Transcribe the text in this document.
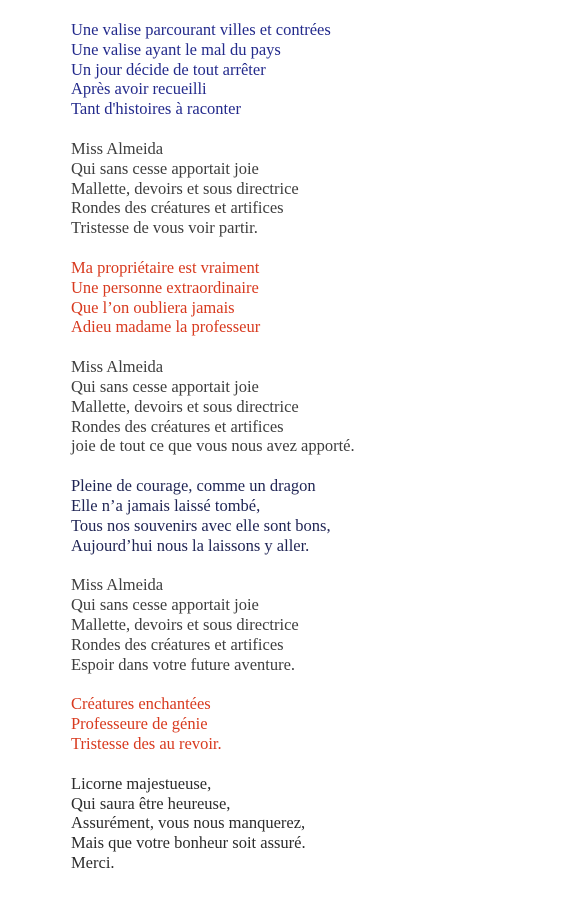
Une valise parcourant villes et contrées
Une valise ayant le mal du pays
Un jour décide de tout arrêter
Après avoir recueilli
Tant d'histoires à raconter
Miss Almeida
Qui sans cesse apportait joie
Mallette, devoirs et sous directrice
Rondes des créatures et artifices
Tristesse de vous voir partir.
Ma propriétaire est vraiment
Une personne extraordinaire
Que l’on oubliera jamais
Adieu madame la professeur
Miss Almeida
Qui sans cesse apportait joie
Mallette, devoirs et sous directrice
Rondes des créatures et artifices
joie de tout ce que vous nous avez apporté.
Pleine de courage, comme un dragon
Elle n’a jamais laissé tombé,
Tous nos souvenirs avec elle sont bons,
Aujourd’hui nous la laissons y aller.
Miss Almeida
Qui sans cesse apportait joie
Mallette, devoirs et sous directrice
Rondes des créatures et artifices
Espoir dans votre future aventure.
Créatures enchantées
Professeure de génie
Tristesse des au revoir.
Licorne majestueuse,
Qui saura être heureuse,
Assurément, vous nous manquerez,
Mais que votre bonheur soit assuré.
Merci.
